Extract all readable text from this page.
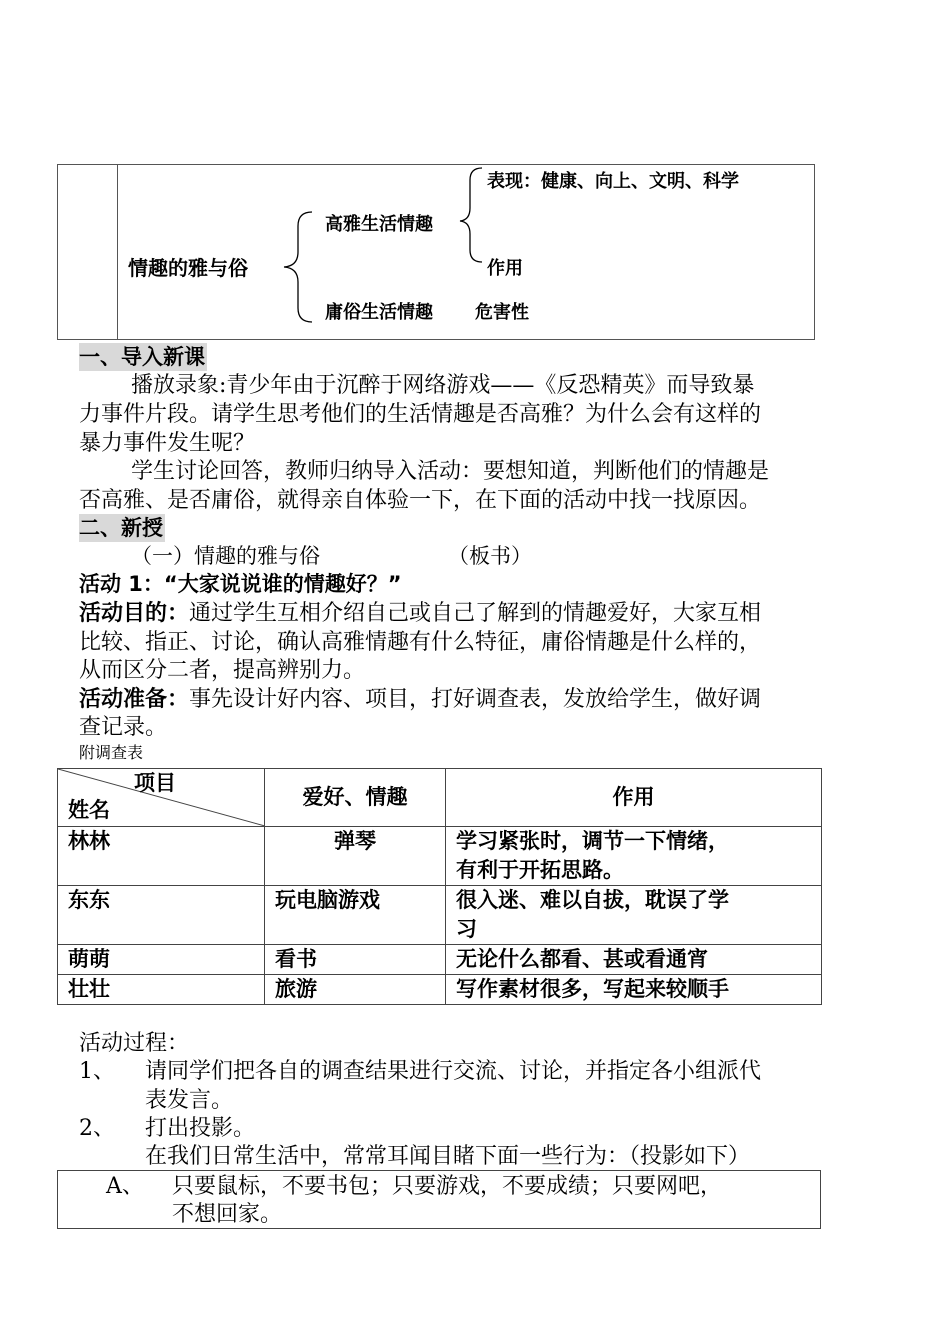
情趣的雅与俗
高雅生活情趣
庸俗生活情趣 危害性
表现：健康、向上、文明、科学
作用
一、导入新课
播放录象:青少年由于沉醉于网络游戏——《反恐精英》而导致暴
力事件片段。请学生思考他们的生活情趣是否高雅？为什么会有这样的
暴力事件发生呢？
学生讨论回答，教师归纳导入活动：要想知道，判断他们的情趣是
否高雅、是否庸俗，就得亲自体验一下，在下面的活动中找一找原因。
二、新授
（一）情趣的雅与俗	（板书）
活动 1：“大家说说谁的情趣好？”
活动目的：通过学生互相介绍自己或自己了解到的情趣爱好，大家互相
比较、指正、讨论，确认高雅情趣有什么特征，庸俗情趣是什么样的，
从而区分二者，提高辨别力。
活动准备：事先设计好内容、项目，打好调查表，发放给学生，做好调
查记录。
附调查表
项目
姓名	爱好、情趣	作用
林林	弹琴	学习紧张时，调节一下情绪，
有利于开拓思路。

东东	玩电脑游戏	很入迷、难以自拔，耽误了学
习

萌萌	看书	无论什么都看、甚或看通宵
壮壮	旅游	写作素材很多，写起来较顺手
活动过程：
1、 请同学们把各自的调查结果进行交流、讨论，并指定各小组派代
表发言。
2、 打出投影。
在我们日常生活中，常常耳闻目睹下面一些行为：（投影如下）
A、 只要鼠标，不要书包；只要游戏，不要成绩；只要网吧，
不想回家。
